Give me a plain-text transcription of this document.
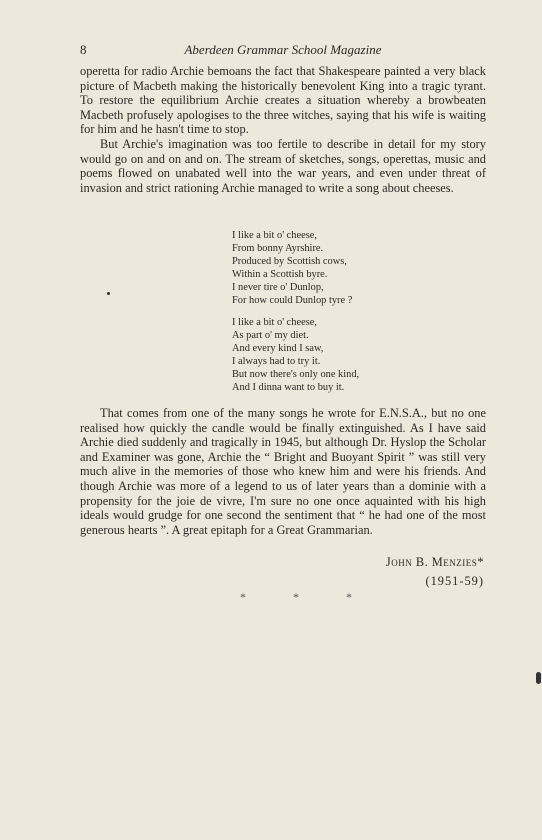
8	Aberdeen Grammar School Magazine

operetta for radio Archie bemoans the fact that Shakespeare painted a very black picture of Macbeth making the historically benevolent King into a tragic tyrant. To restore the equilibrium Archie creates a situation whereby a browbeaten Macbeth profusely apologises to the three witches, saying that his wife is waiting for him and he hasn't time to stop.

But Archie's imagination was too fertile to describe in detail for my story would go on and on and on. The stream of sketches, songs, operettas, music and poems flowed on unabated well into the war years, and even under threat of invasion and strict rationing Archie managed to write a song about cheeses.

I like a bit o' cheese,
From bonny Ayrshire.
Produced by Scottish cows,
Within a Scottish byre.
I never tire o' Dunlop,
For how could Dunlop tyre ?
I like a bit o' cheese,
As part o' my diet.
And every kind I saw,
I always had to try it.
But now there's only one kind,
And I dinna want to buy it.

That comes from one of the many songs he wrote for E.N.S.A., but no one realised how quickly the candle would be finally extinguished. As I have said Archie died suddenly and tragically in 1945, but although Dr. Hyslop the Scholar and Examiner was gone, Archie the “ Bright and Buoyant Spirit ” was still very much alive in the memories of those who knew him and were his friends. And though Archie was more of a legend to us of later years than a dominie with a propensity for the joie de vivre, I'm sure no one once aquainted with his high ideals would grudge for one second the sentiment that “ he had one of the most generous hearts ”. A great epitaph for a Great Grammarian.

John B. Menzies*
(1951-59)
* * *
